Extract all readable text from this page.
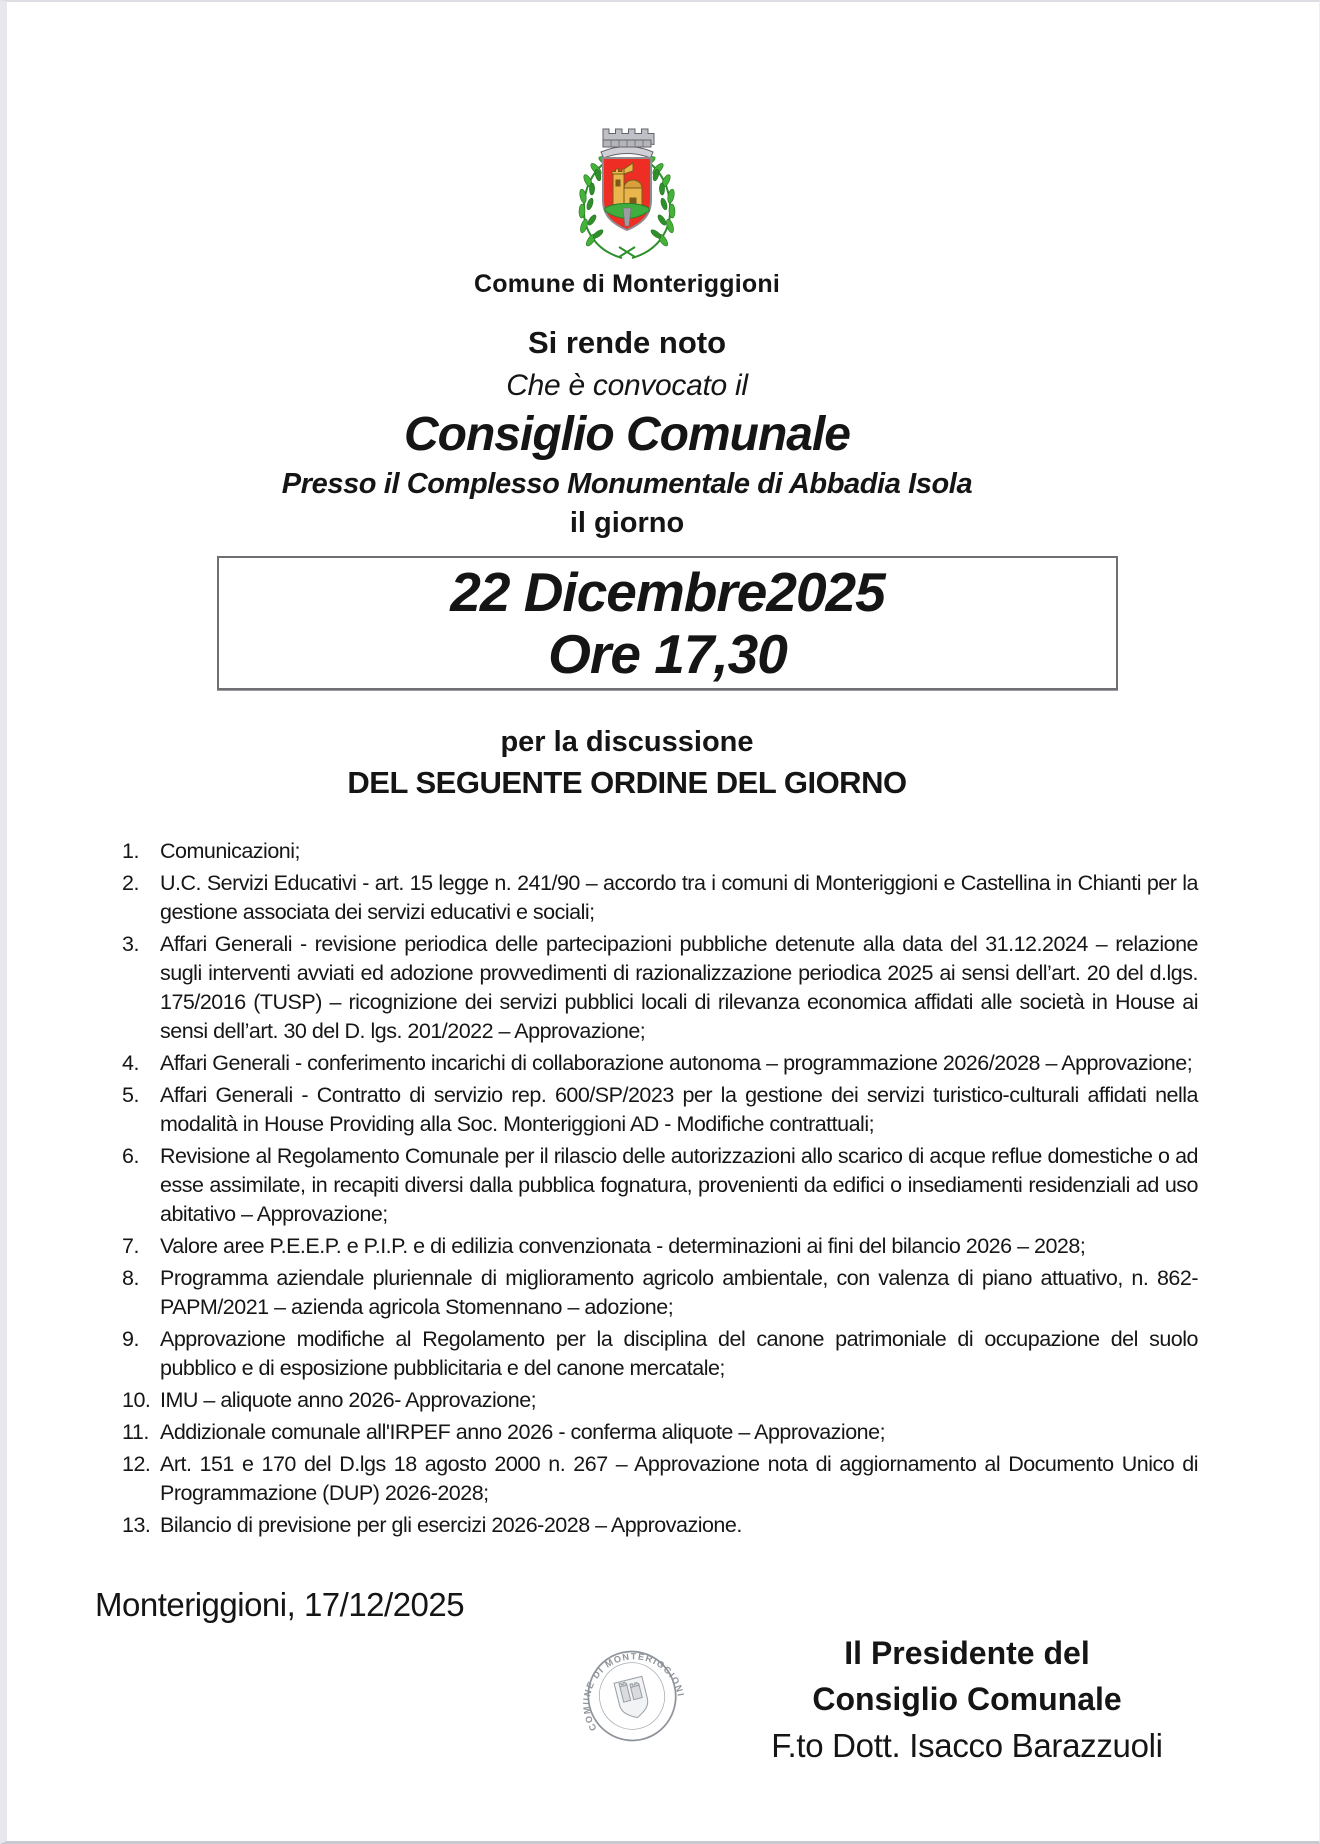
Comune di Monteriggioni
Si rende noto
Che è convocato il
Consiglio Comunale
Presso il Complesso Monumentale di Abbadia Isola
il giorno
22 Dicembre2025
Ore 17,30
per la discussione
DEL SEGUENTE ORDINE DEL GIORNO
Comunicazioni;
U.C. Servizi Educativi - art. 15 legge n. 241/90 – accordo tra i comuni di Monteriggioni e Castellina in Chianti per la gestione associata dei servizi educativi e sociali;
Affari Generali - revisione periodica delle partecipazioni pubbliche detenute alla data del 31.12.2024 – relazione sugli interventi avviati ed adozione provvedimenti di razionalizzazione periodica 2025 ai sensi dell’art. 20 del d.lgs. 175/2016 (TUSP) – ricognizione dei servizi pubblici locali di rilevanza economica affidati alle società in House ai sensi dell’art. 30 del D. lgs. 201/2022 – Approvazione;
Affari Generali - conferimento incarichi di collaborazione autonoma – programmazione 2026/2028 – Approvazione;
Affari Generali - Contratto di servizio rep. 600/SP/2023 per la gestione dei servizi turistico-culturali affidati nella modalità in House Providing alla Soc. Monteriggioni AD - Modifiche contrattuali;
Revisione al Regolamento Comunale per il rilascio delle autorizzazioni allo scarico di acque reflue domestiche o ad esse assimilate, in recapiti diversi dalla pubblica fognatura, provenienti da edifici o insediamenti residenziali ad uso abitativo – Approvazione;
Valore aree P.E.E.P. e P.I.P. e di edilizia convenzionata - determinazioni ai fini del bilancio 2026 – 2028;
Programma aziendale pluriennale di miglioramento agricolo ambientale, con valenza di piano attuativo, n. 862-PAPM/2021 – azienda agricola Stomennano – adozione;
Approvazione modifiche al Regolamento per la disciplina del canone patrimoniale di occupazione del suolo pubblico e di esposizione pubblicitaria e del canone mercatale;
IMU – aliquote anno 2026- Approvazione;
Addizionale comunale all'IRPEF anno 2026 - conferma aliquote – Approvazione;
Art. 151 e 170 del D.lgs 18 agosto 2000 n. 267 – Approvazione nota di aggiornamento al Documento Unico di Programmazione (DUP) 2026-2028;
Bilancio di previsione per gli esercizi 2026-2028 – Approvazione.
Monteriggioni, 17/12/2025
COMUNE DI MONTERIGGIONI
Il Presidente del
Consiglio Comunale
F.to Dott. Isacco Barazzuoli
